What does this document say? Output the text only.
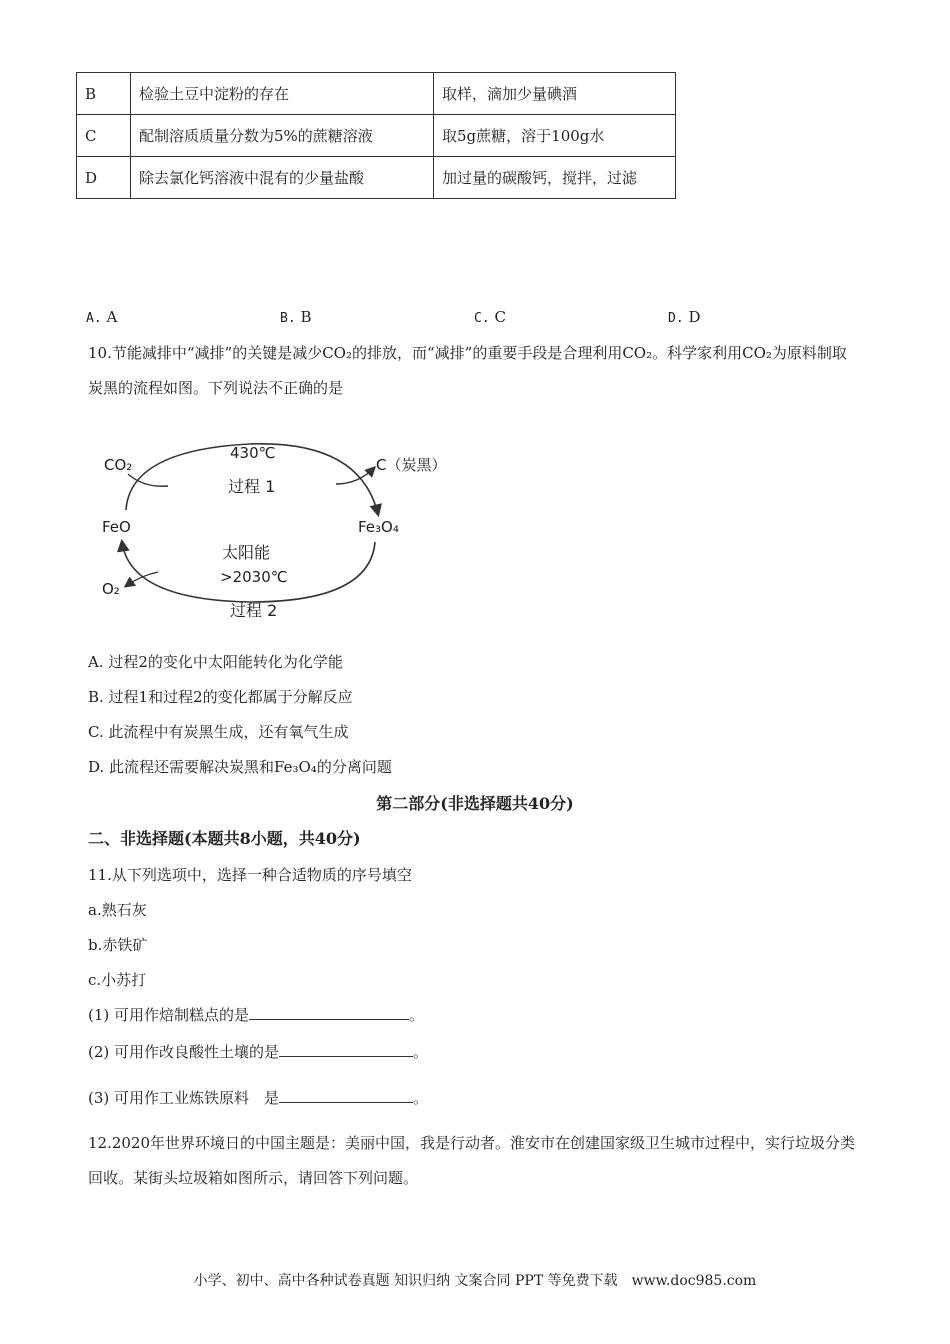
B	检验土豆中淀粉的存在	取样，滴加少量碘酒
C	配制溶质质量分数为5%的蔗糖溶液	取5g蔗糖，溶于100g水
D	除去氯化钙溶液中混有的少量盐酸	加过量的碳酸钙，搅拌，过滤
A. A	B. B	C. C	D. D
10.节能减排中“减排”的关键是减少CO₂的排放，而“减排”的重要手段是合理利用CO₂。科学家利用CO₂为原料制取炭黑的流程如图。下列说法不正确的是
CO₂
430℃
过程 1
C（炭黑）
FeO	Fe₃O₄
太阳能
>2030℃
O₂
过程 2
A. 过程2的变化中太阳能转化为化学能
B. 过程1和过程2的变化都属于分解反应
C. 此流程中有炭黑生成，还有氧气生成
D. 此流程还需要解决炭黑和Fe₃O₄的分离问题
第二部分(非选择题共40分)
二、非选择题(本题共8小题，共40分)
11.从下列选项中，选择一种合适物质的序号填空
a.熟石灰
b.赤铁矿
c.小苏打
(1) 可用作焙制糕点的是	。
(2) 可用作改良酸性土壤的是	。
(3) 可用作工业炼铁原料　是	。
12.2020年世界环境日的中国主题是：美丽中国，我是行动者。淮安市在创建国家级卫生城市过程中，实行垃圾分类回收。某街头垃圾箱如图所示，请回答下列问题。
小学、初中、高中各种试卷真题 知识归纳 文案合同 PPT 等免费下载　www.doc985.com
